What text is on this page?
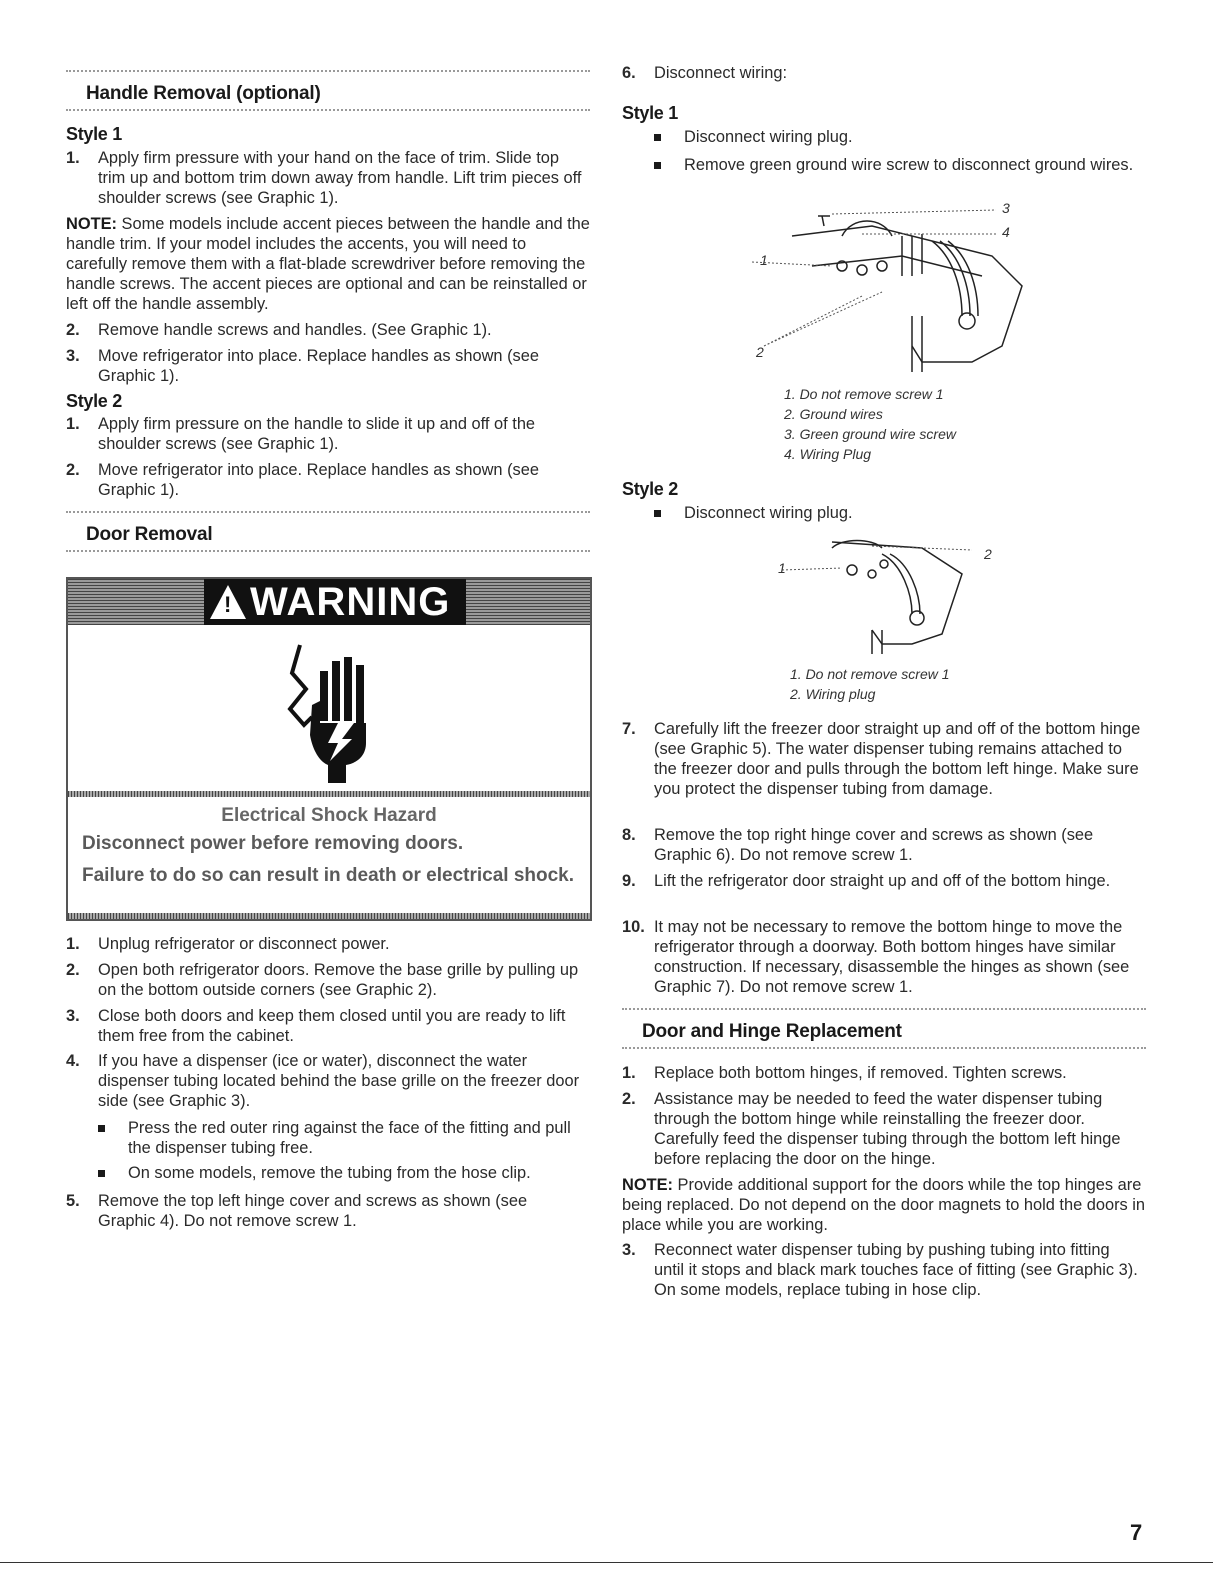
Handle Removal (optional)
Style 1
1. Apply firm pressure with your hand on the face of trim. Slide top trim up and bottom trim down away from handle. Lift trim pieces off shoulder screws (see Graphic 1).
NOTE: Some models include accent pieces between the handle and the handle trim. If your model includes the accents, you will need to carefully remove them with a flat-blade screwdriver before removing the handle screws. The accent pieces are optional and can be reinstalled or left off the handle assembly.
2. Remove handle screws and handles. (See Graphic 1).
3. Move refrigerator into place. Replace handles as shown (see Graphic 1).
Style 2
1. Apply firm pressure on the handle to slide it up and off of the shoulder screws (see Graphic 1).
2. Move refrigerator into place. Replace handles as shown (see Graphic 1).
Door Removal
! WARNING
Electrical Shock Hazard
Disconnect power before removing doors.
Failure to do so can result in death or electrical shock.
1. Unplug refrigerator or disconnect power.
2. Open both refrigerator doors. Remove the base grille by pulling up on the bottom outside corners (see Graphic 2).
3. Close both doors and keep them closed until you are ready to lift them free from the cabinet.
4. If you have a dispenser (ice or water), disconnect the water dispenser tubing located behind the base grille on the freezer door side (see Graphic 3).
Press the red outer ring against the face of the fitting and pull the dispenser tubing free.
On some models, remove the tubing from the hose clip.
5. Remove the top left hinge cover and screws as shown (see Graphic 4). Do not remove screw 1.
6. Disconnect wiring:
Style 1
Disconnect wiring plug.
Remove green ground wire screw to disconnect ground wires.
1
2
3
4
1. Do not remove screw 1
2. Ground wires
3. Green ground wire screw
4. Wiring Plug
Style 2
Disconnect wiring plug.
1
2
1. Do not remove screw 1
2. Wiring plug
7. Carefully lift the freezer door straight up and off of the bottom hinge (see Graphic 5). The water dispenser tubing remains attached to the freezer door and pulls through the bottom left hinge. Make sure you protect the dispenser tubing from damage.
8. Remove the top right hinge cover and screws as shown (see Graphic 6). Do not remove screw 1.
9. Lift the refrigerator door straight up and off of the bottom hinge.
10. It may not be necessary to remove the bottom hinge to move the refrigerator through a doorway. Both bottom hinges have similar construction. If necessary, disassemble the hinges as shown (see Graphic 7). Do not remove screw 1.
Door and Hinge Replacement
1. Replace both bottom hinges, if removed. Tighten screws.
2. Assistance may be needed to feed the water dispenser tubing through the bottom hinge while reinstalling the freezer door. Carefully feed the dispenser tubing through the bottom left hinge before replacing the door on the hinge.
NOTE: Provide additional support for the doors while the top hinges are being replaced. Do not depend on the door magnets to hold the doors in place while you are working.
3. Reconnect water dispenser tubing by pushing tubing into fitting until it stops and black mark touches face of fitting (see Graphic 3). On some models, replace tubing in hose clip.
7
